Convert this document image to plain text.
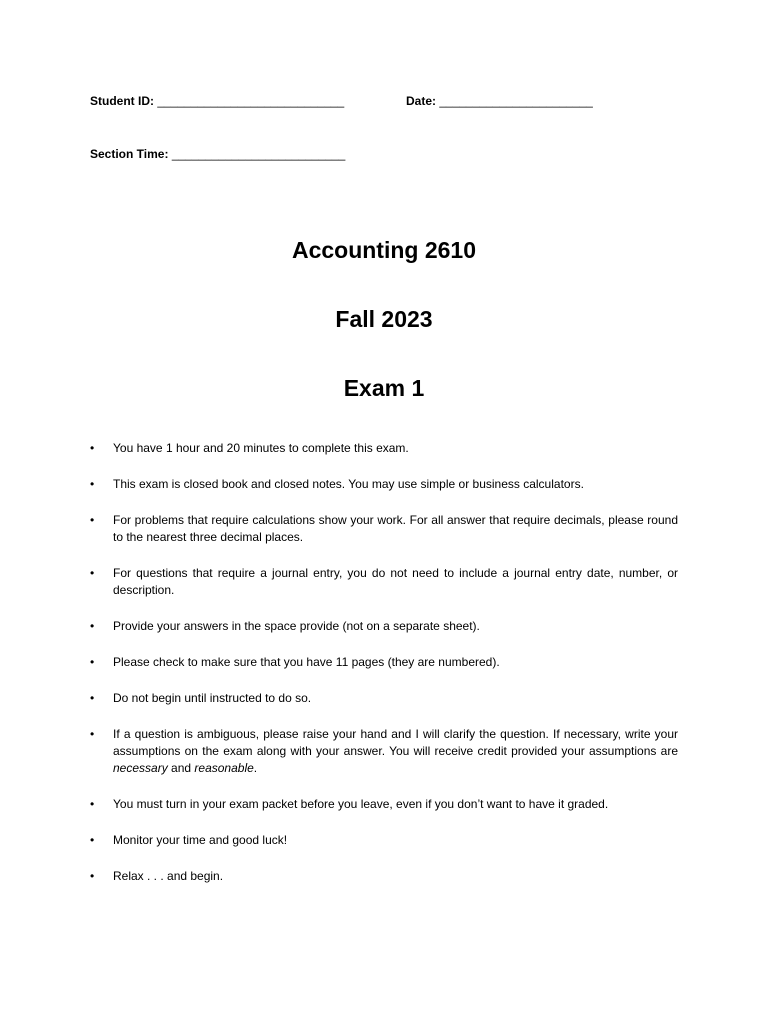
Student ID: ____________________________	Date: _______________________
Section Time: __________________________
Accounting 2610
Fall 2023
Exam 1
• You have 1 hour and 20 minutes to complete this exam.
• This exam is closed book and closed notes. You may use simple or business calculators.
• For problems that require calculations show your work. For all answer that require decimals, please round to the nearest three decimal places.
• For questions that require a journal entry, you do not need to include a journal entry date, number, or description.
• Provide your answers in the space provide (not on a separate sheet).
• Please check to make sure that you have 11 pages (they are numbered).
• Do not begin until instructed to do so.
• If a question is ambiguous, please raise your hand and I will clarify the question. If necessary, write your assumptions on the exam along with your answer. You will receive credit provided your assumptions are necessary and reasonable.
• You must turn in your exam packet before you leave, even if you don’t want to have it graded.
• Monitor your time and good luck!
• Relax . . . and begin.
